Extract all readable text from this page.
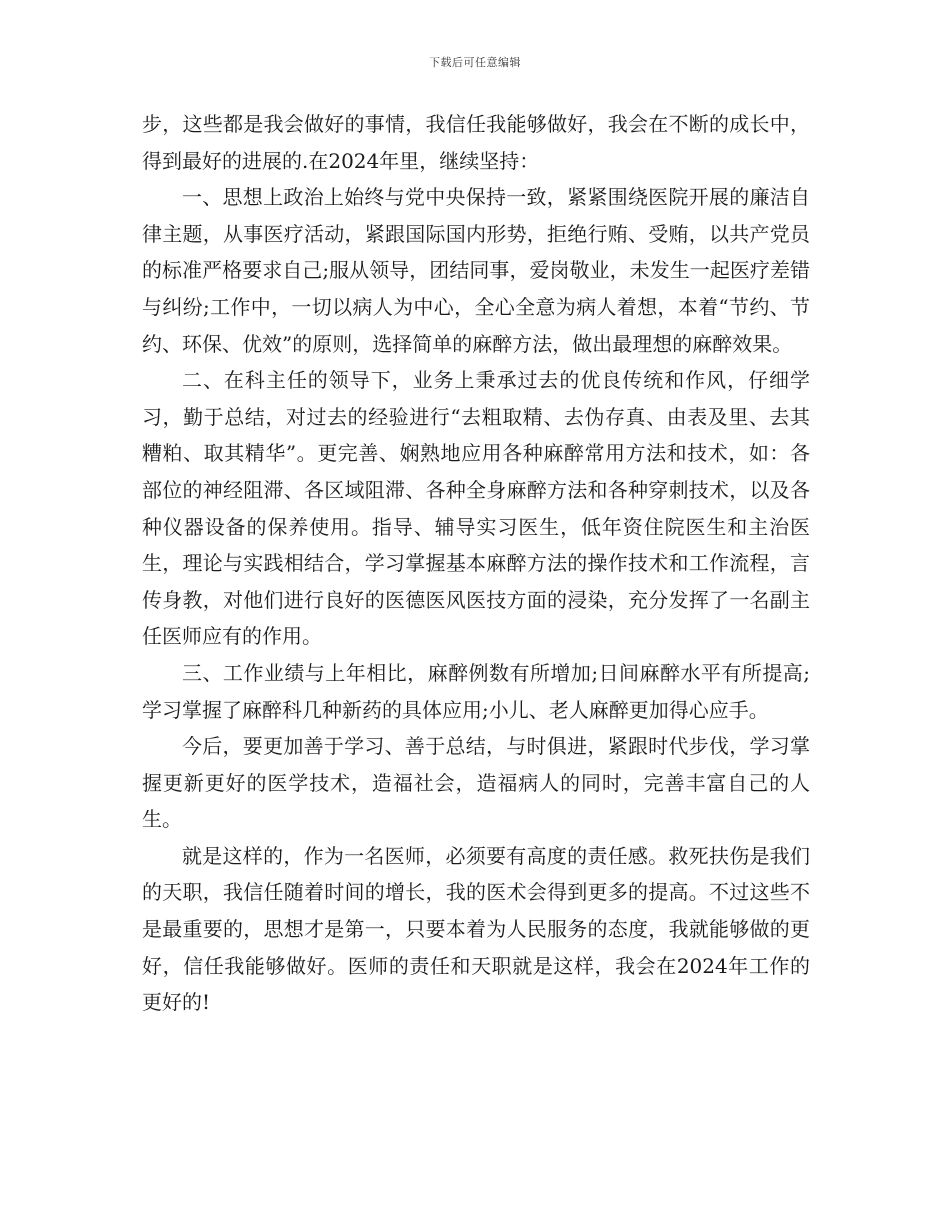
下载后可任意编辑

步，这些都是我会做好的事情，我信任我能够做好，我会在不断的成长中，得到最好的进展的.在2024年里，继续坚持：

一、思想上政治上始终与党中央保持一致，紧紧围绕医院开展的廉洁自律主题，从事医疗活动，紧跟国际国内形势，拒绝行贿、受贿，以共产党员的标准严格要求自己;服从领导，团结同事，爱岗敬业，未发生一起医疗差错与纠纷;工作中，一切以病人为中心，全心全意为病人着想，本着“节约、节约、环保、优效”的原则，选择简单的麻醉方法，做出最理想的麻醉效果。

二、在科主任的领导下，业务上秉承过去的优良传统和作风，仔细学习，勤于总结，对过去的经验进行“去粗取精、去伪存真、由表及里、去其糟粕、取其精华”。更完善、娴熟地应用各种麻醉常用方法和技术，如：各部位的神经阻滞、各区域阻滞、各种全身麻醉方法和各种穿刺技术，以及各种仪器设备的保养使用。指导、辅导实习医生，低年资住院医生和主治医生，理论与实践相结合，学习掌握基本麻醉方法的操作技术和工作流程，言传身教，对他们进行良好的医德医风医技方面的浸染，充分发挥了一名副主任医师应有的作用。

三、工作业绩与上年相比，麻醉例数有所增加;日间麻醉水平有所提高;学习掌握了麻醉科几种新药的具体应用;小儿、老人麻醉更加得心应手。

今后，要更加善于学习、善于总结，与时俱进，紧跟时代步伐，学习掌握更新更好的医学技术，造福社会，造福病人的同时，完善丰富自己的人生。

就是这样的，作为一名医师，必须要有高度的责任感。救死扶伤是我们的天职，我信任随着时间的增长，我的医术会得到更多的提高。不过这些不是最重要的，思想才是第一，只要本着为人民服务的态度，我就能够做的更好，信任我能够做好。医师的责任和天职就是这样，我会在2024年工作的更好的!
